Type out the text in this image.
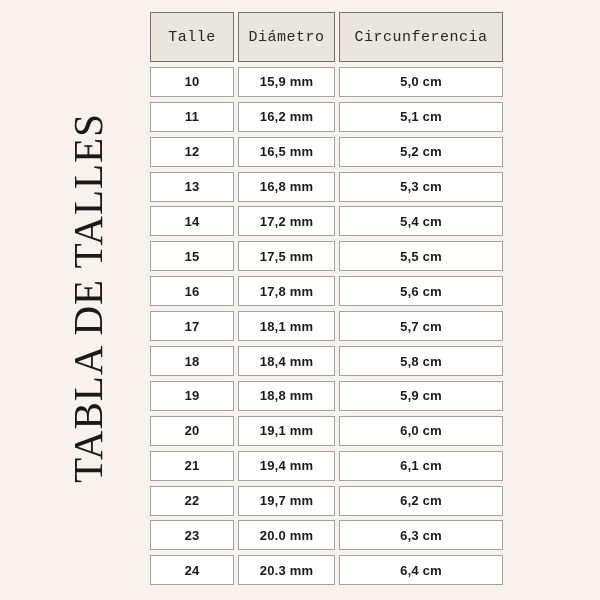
TABLA DE TALLES
Talle	Diámetro	Circunferencia
10	15,9 mm	5,0 cm
11	16,2 mm	5,1 cm
12	16,5 mm	5,2 cm
13	16,8 mm	5,3 cm
14	17,2 mm	5,4 cm
15	17,5 mm	5,5 cm
16	17,8 mm	5,6 cm
17	18,1 mm	5,7 cm
18	18,4 mm	5,8 cm
19	18,8 mm	5,9 cm
20	19,1 mm	6,0 cm
21	19,4 mm	6,1 cm
22	19,7 mm	6,2 cm
23	20.0 mm	6,3 cm
24	20.3 mm	6,4 cm
